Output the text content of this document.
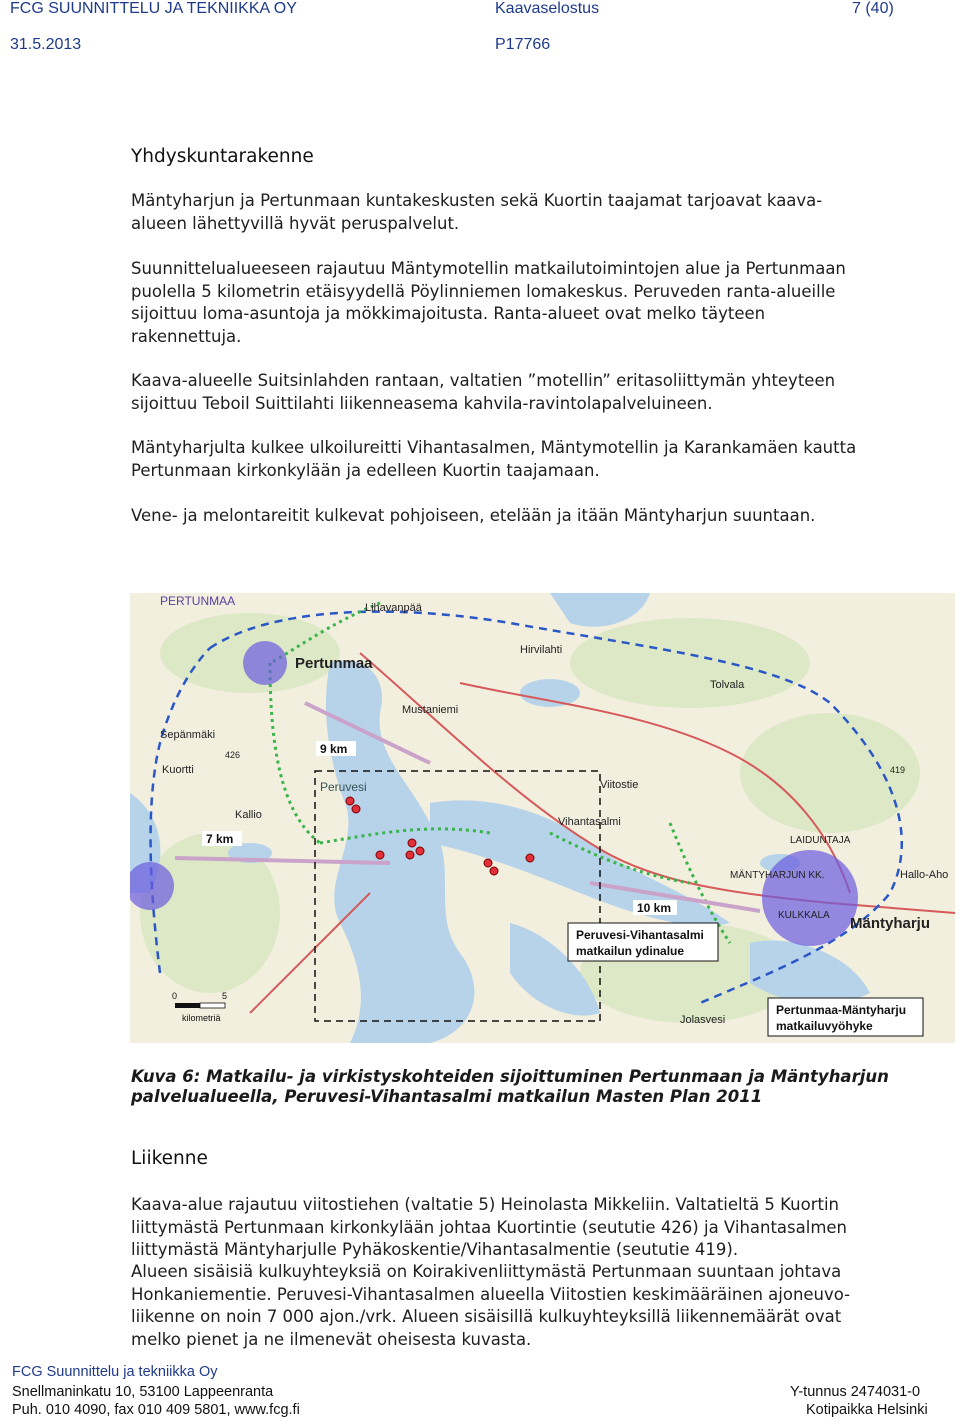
FCG SUUNNITTELU JA TEKNIIKKA OY	Kaavaselostus	7 (40)
31.5.2013	P17766
Yhdyskuntarakenne
Mäntyharjun ja Pertunmaan kuntakeskusten sekä Kuortin taajamat tarjoavat kaava-
alueen lähettyvillä hyvät peruspalvelut.
Suunnittelualueeseen rajautuu Mäntymotellin matkailutoimintojen alue ja Pertunmaan
puolella 5 kilometrin etäisyydellä Pöylinniemen lomakeskus. Peruveden ranta-alueille
sijoittuu loma-asuntoja ja mökkimajoitusta. Ranta-alueet ovat melko täyteen
rakennettuja.
Kaava-alueelle Suitsinlahden rantaan, valtatien ”motellin” eritasoliittymän yhteyteen
sijoittuu Teboil Suittilahti liikenneasema kahvila-ravintolapalveluineen.
Mäntyharjulta kulkee ulkoilureitti Vihantasalmen, Mäntymotellin ja Karankamäen kautta
Pertunmaan kirkonkylään ja edelleen Kuortin taajamaan.
Vene- ja melontareitit kulkevat pohjoiseen, etelään ja itään Mäntyharjun suuntaan.
PERTUNMAA
Pertunmaa
Lihavanpää
Hirvilahti
Mustaniemi
Kuortti
Sepänmäki
Kallio
Peruvesi
Vihantasalmi
LAIDUNTAJA
MÄNTYHARJUN KK.
KULKKALA Mäntyharju
Hallo-Aho
Viitostie
Jolasvesi
Tolvala
426
419
9 km
7 km
10 km
Peruvesi-Vihantasalmi
matkailun ydinalue
Pertunmaa-Mäntyharju
matkailuvyöhyke
0	5
kilometriä
Kuva 6: Matkailu- ja virkistyskohteiden sijoittuminen Pertunmaan ja Mäntyharjun
palvelualueella, Peruvesi-Vihantasalmi matkailun Masten Plan 2011
Liikenne
Kaava-alue rajautuu viitostiehen (valtatie 5) Heinolasta Mikkeliin. Valtatieltä 5 Kuortin
liittymästä Pertunmaan kirkonkylään johtaa Kuortintie (seututie 426) ja Vihantasalmen
liittymästä Mäntyharjulle Pyhäkoskentie/Vihantasalmentie (seututie 419).
Alueen sisäisiä kulkuyhteyksiä on Koirakivenliittymästä Pertunmaan suuntaan johtava
Honkaniementie. Peruvesi-Vihantasalmen alueella Viitostien keskimääräinen ajoneuvo-
liikenne on noin 7 000 ajon./vrk. Alueen sisäisillä kulkuyhteyksillä liikennemäärät ovat
melko pienet ja ne ilmenevät oheisesta kuvasta.
FCG Suunnittelu ja tekniikka Oy
Snellmaninkatu 10, 53100 Lappeenranta
Puh. 010 4090, fax 010 409 5801, www.fcg.fi
Y-tunnus 2474031-0
Kotipaikka Helsinki
